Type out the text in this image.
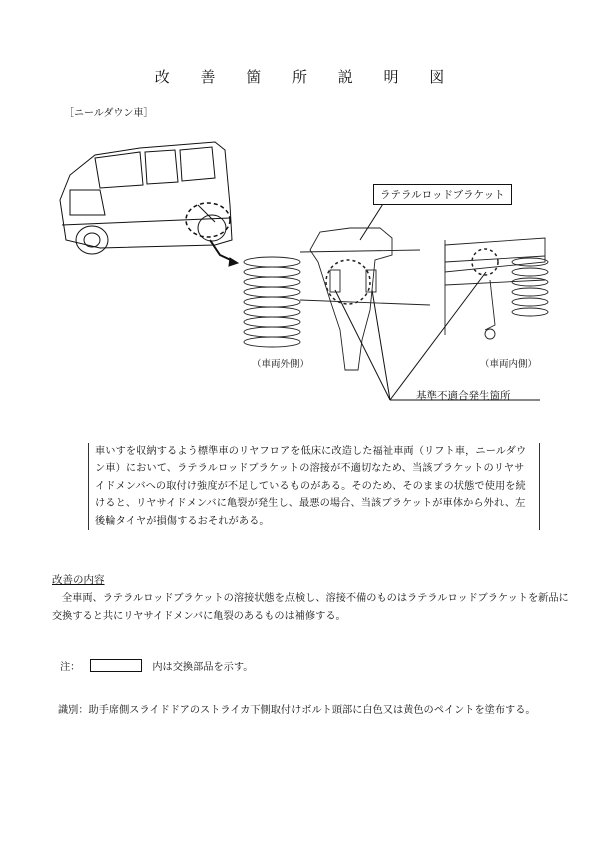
改 善 箇 所 説 明 図
［ニールダウン車］
ラテラルロッドブラケット
（車両外側）	（車両内側）
基準不適合発生箇所
車いすを収納するよう標準車のリヤフロアを低床に改造した福祉車両（リフト車，ニールダウン車）において、ラテラルロッドブラケットの溶接が不適切なため、当該ブラケットのリヤサイドメンバへの取付け強度が不足しているものがある。そのため、そのままの状態で使用を続けると、リヤサイドメンバに亀裂が発生し、最悪の場合、当該ブラケットが車体から外れ、左後輪タイヤが損傷するおそれがある。
改善の内容
全車両、ラテラルロッドブラケットの溶接状態を点検し、溶接不備のものはラテラルロッドブラケットを新品に交換すると共にリヤサイドメンバに亀裂のあるものは補修する。
注：	内は交換部品を示す。
識別：助手席側スライドドアのストライカ下側取付けボルト頭部に白色又は黄色のペイントを塗布する。
